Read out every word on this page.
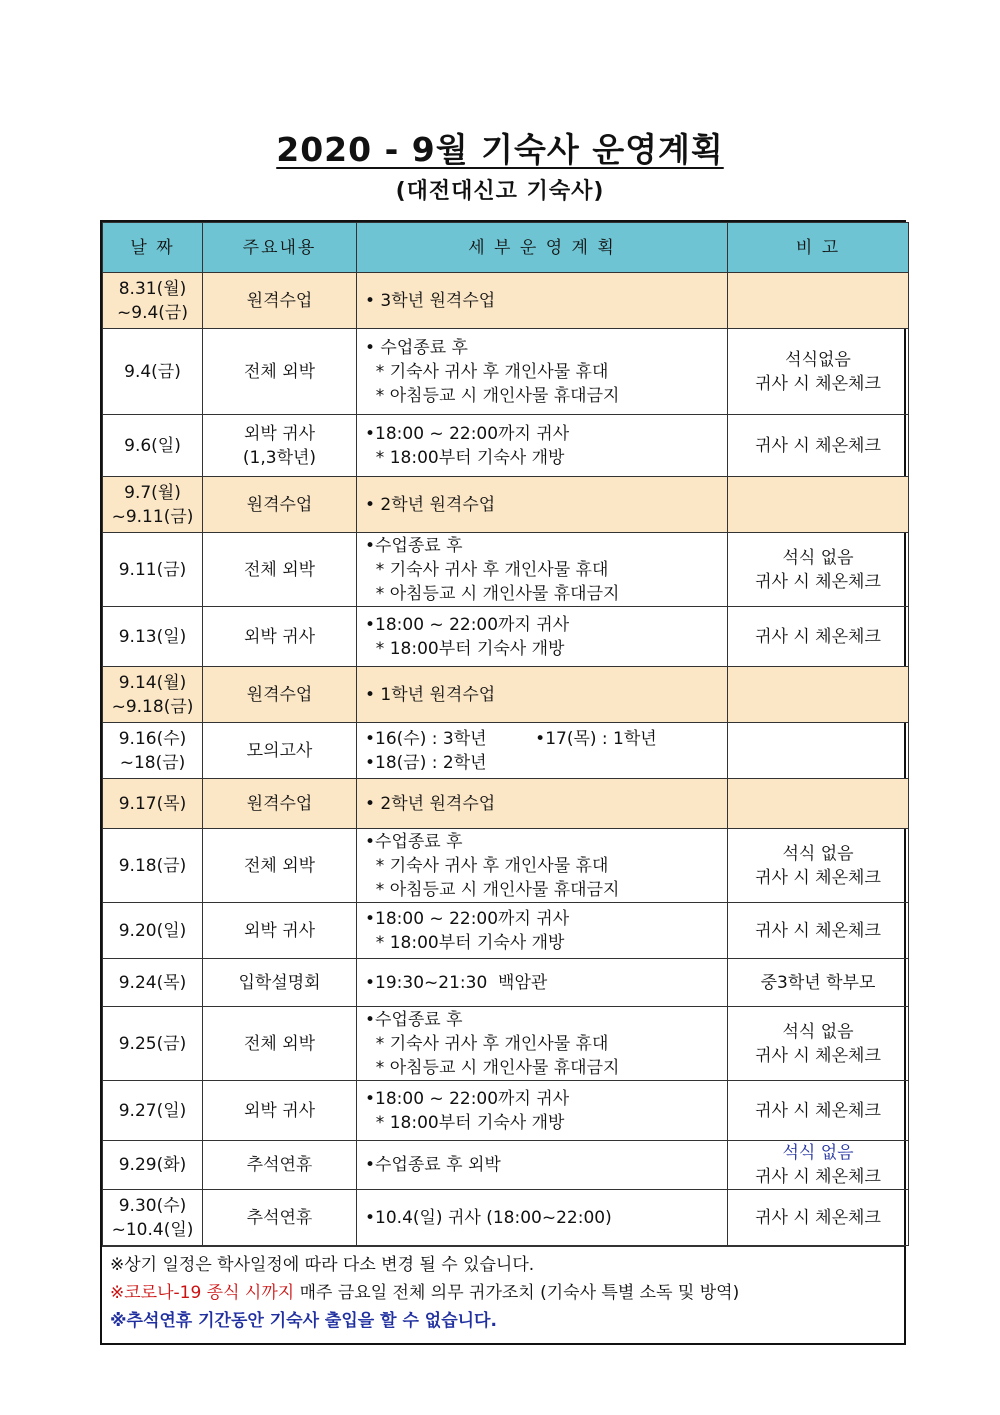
2020 - 9월 기숙사 운영계획
(대전대신고 기숙사)
날 짜	주요내용	세 부 운 영 계 획	비 고
8.31(월)
~9.4(금)	원격수업	• 3학년 원격수업	

9.4(금)	전체 외박	• 수업종료 후
* 기숙사 귀사 후 개인사물 휴대
* 아침등교 시 개인사물 휴대금지	석식없음
귀사 시 체온체크

9.6(일)	외박 귀사
(1,3학년)	•18:00 ~ 22:00까지 귀사
* 18:00부터 기숙사 개방	귀사 시 체온체크

9.7(월)
~9.11(금)	원격수업	• 2학년 원격수업	

9.11(금)	전체 외박	•수업종료 후
* 기숙사 귀사 후 개인사물 휴대
* 아침등교 시 개인사물 휴대금지	석식 없음
귀사 시 체온체크

9.13(일)	외박 귀사	•18:00 ~ 22:00까지 귀사
* 18:00부터 기숙사 개방	귀사 시 체온체크

9.14(월)
~9.18(금)	원격수업	• 1학년 원격수업	

9.16(수)
~18(금)	모의고사	•16(수) : 3학년         •17(목) : 1학년
•18(금) : 2학년	

9.17(목)	원격수업	• 2학년 원격수업	

9.18(금)	전체 외박	•수업종료 후
* 기숙사 귀사 후 개인사물 휴대
* 아침등교 시 개인사물 휴대금지	석식 없음
귀사 시 체온체크

9.20(일)	외박 귀사	•18:00 ~ 22:00까지 귀사
* 18:00부터 기숙사 개방	귀사 시 체온체크

9.24(목)	입학설명회	•19:30~21:30  백암관	중3학년 학부모

9.25(금)	전체 외박	•수업종료 후
* 기숙사 귀사 후 개인사물 휴대
* 아침등교 시 개인사물 휴대금지	석식 없음
귀사 시 체온체크

9.27(일)	외박 귀사	•18:00 ~ 22:00까지 귀사
* 18:00부터 기숙사 개방	귀사 시 체온체크

9.29(화)	추석연휴	•수업종료 후 외박	석식 없음
귀사 시 체온체크

9.30(수)
~10.4(일)	추석연휴	•10.4(일) 귀사 (18:00~22:00)	귀사 시 체온체크
※상기 일정은 학사일정에 따라 다소 변경 될 수 있습니다.
※코로나-19 종식 시까지 매주 금요일 전체 의무 귀가조치 (기숙사 특별 소독 및 방역)
※추석연휴 기간동안 기숙사 출입을 할 수 없습니다.
